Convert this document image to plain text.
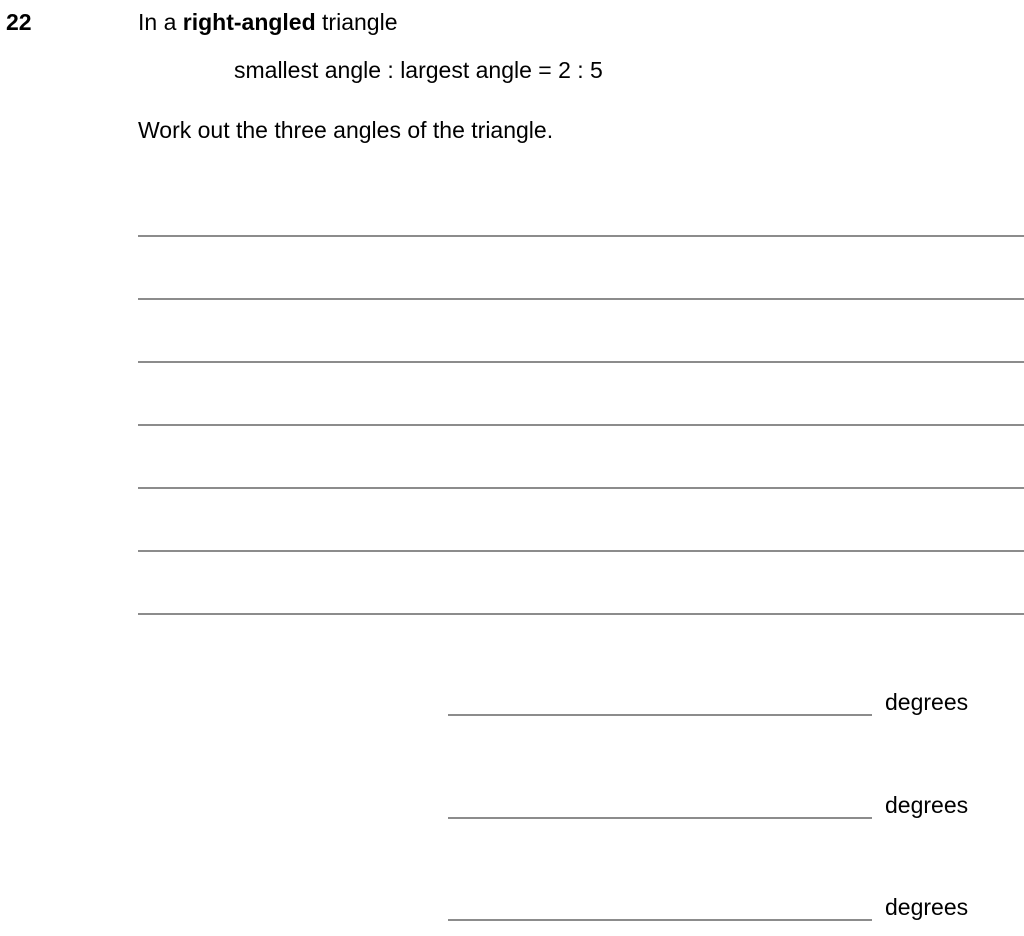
22	In a right-angled triangle
smallest angle : largest angle = 2 : 5
Work out the three angles of the triangle.
degrees
degrees
degrees
